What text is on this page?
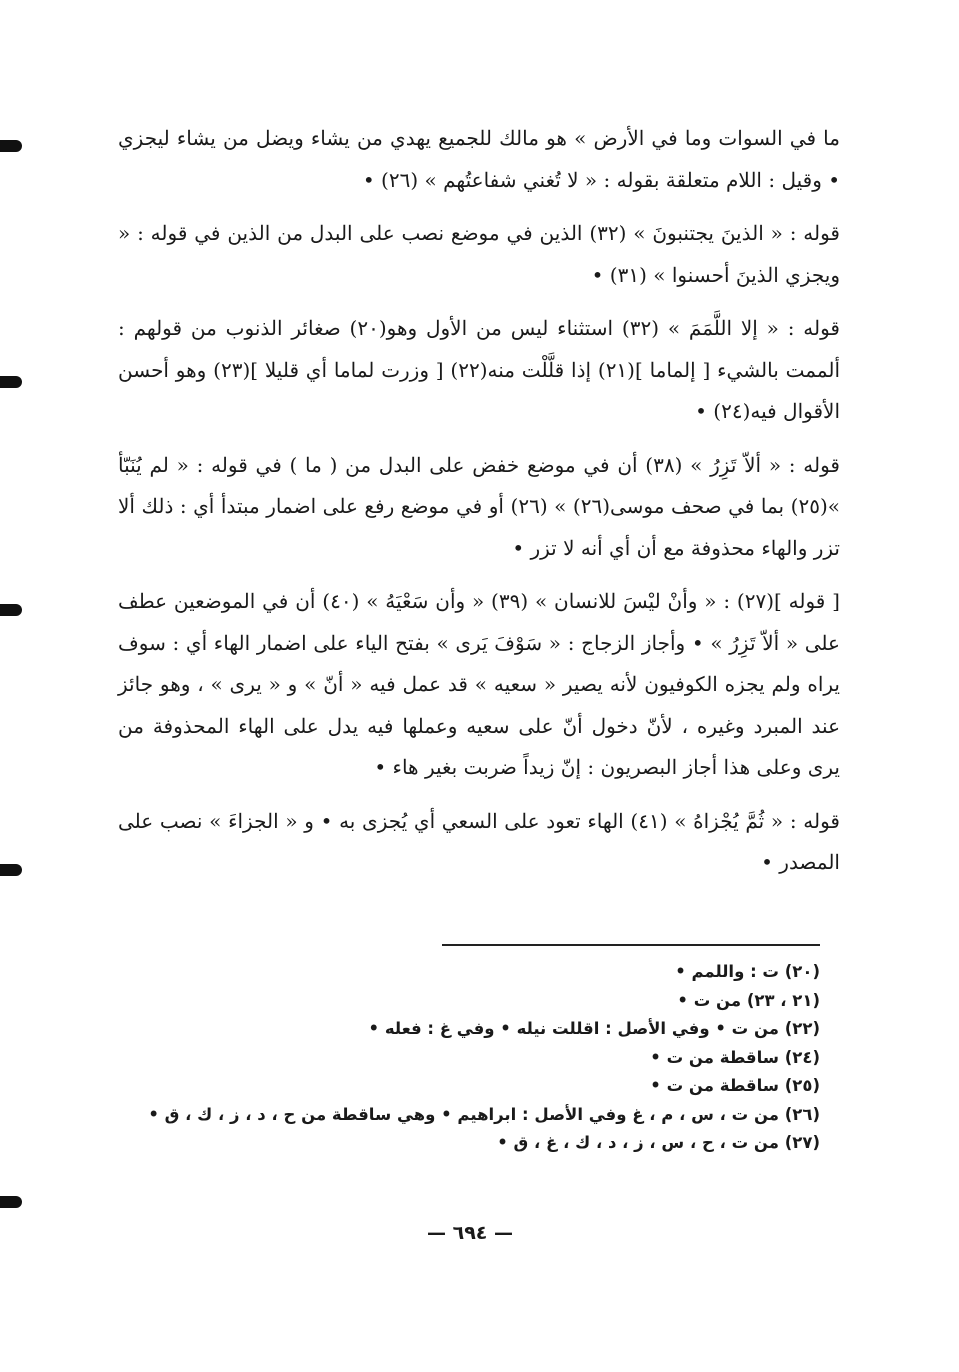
ما في السوات وما في الأرض » هو مالك للجميع يهدي من يشاء ويضل من يشاء ليجزي • وقيل : اللام متعلقة بقوله : « لا تُغني شفاعتُهم » (٢٦) •

قوله : « الذينَ يجتنبونَ » (٣٢) الذين في موضع نصب على البدل من الذين في قوله : « ويجزي الذينَ أحسنوا » (٣١) •

قوله : « إلا اللَّمَمَ » (٣٢) استثناء ليس من الأول وهو(٢٠) صغائر الذنوب من قولهم : ألممت بالشيء [ إلماما ](٢١) إذا قلَّلْت منه(٢٢) [ وزرت لماما أي قليلا ](٢٣) وهو أحسن الأقوال فيه(٢٤) •

قوله : « ألاّ تَزِرُ » (٣٨) أن في موضع خفض على البدل من ( ما ) في قوله : « لم يُنَبّأ »(٢٥) بما في صحف موسى(٢٦) » (٢٦) أو في موضع رفع على اضمار مبتدأ أي : ذلك ألا تزر والهاء محذوفة مع أن أي أنه لا تزر •

[ قوله ](٢٧) : « وأنْ ليْسَ للانسان » (٣٩) « وأن سَعْيَهُ » (٤٠) أن في الموضعين عطف على « ألاّ تَزِرُ » • وأجاز الزجاج : « سَوْفَ يَرى » بفتح الياء على اضمار الهاء أي : سوف يراه ولم يجزه الكوفيون لأنه يصير « سعيه » قد عمل فيه « أنّ » و « يرى » ، وهو جائز عند المبرد وغيره ، لأنّ دخول أنّ على سعيه وعملها فيه يدل على الهاء المحذوفة من يرى وعلى هذا أجاز البصريون : إنّ زيداً ضربت بغير هاء •

قوله : « ثُمَّ يُجْزاهُ » (٤١) الهاء تعود على السعي أي يُجزى به • و « الجزاءَ » نصب على المصدر •

(٢٠) ت : واللمم •
(٢١ ، ٢٣) من ت •
(٢٢) من ت • وفي الأصل : اقللت نيله • وفي غ : فعله •
(٢٤) ساقطة من ت •
(٢٥) ساقطة من ت •
(٢٦) من ت ، س ، م ، غ وفي الأصل : ابراهيم • وهي ساقطة من ح ، د ، ز ، ك ، ق •
(٢٧) من ت ، ح ، س ، ز ، د ، ك ، غ ، ق •
— ٦٩٤ —
